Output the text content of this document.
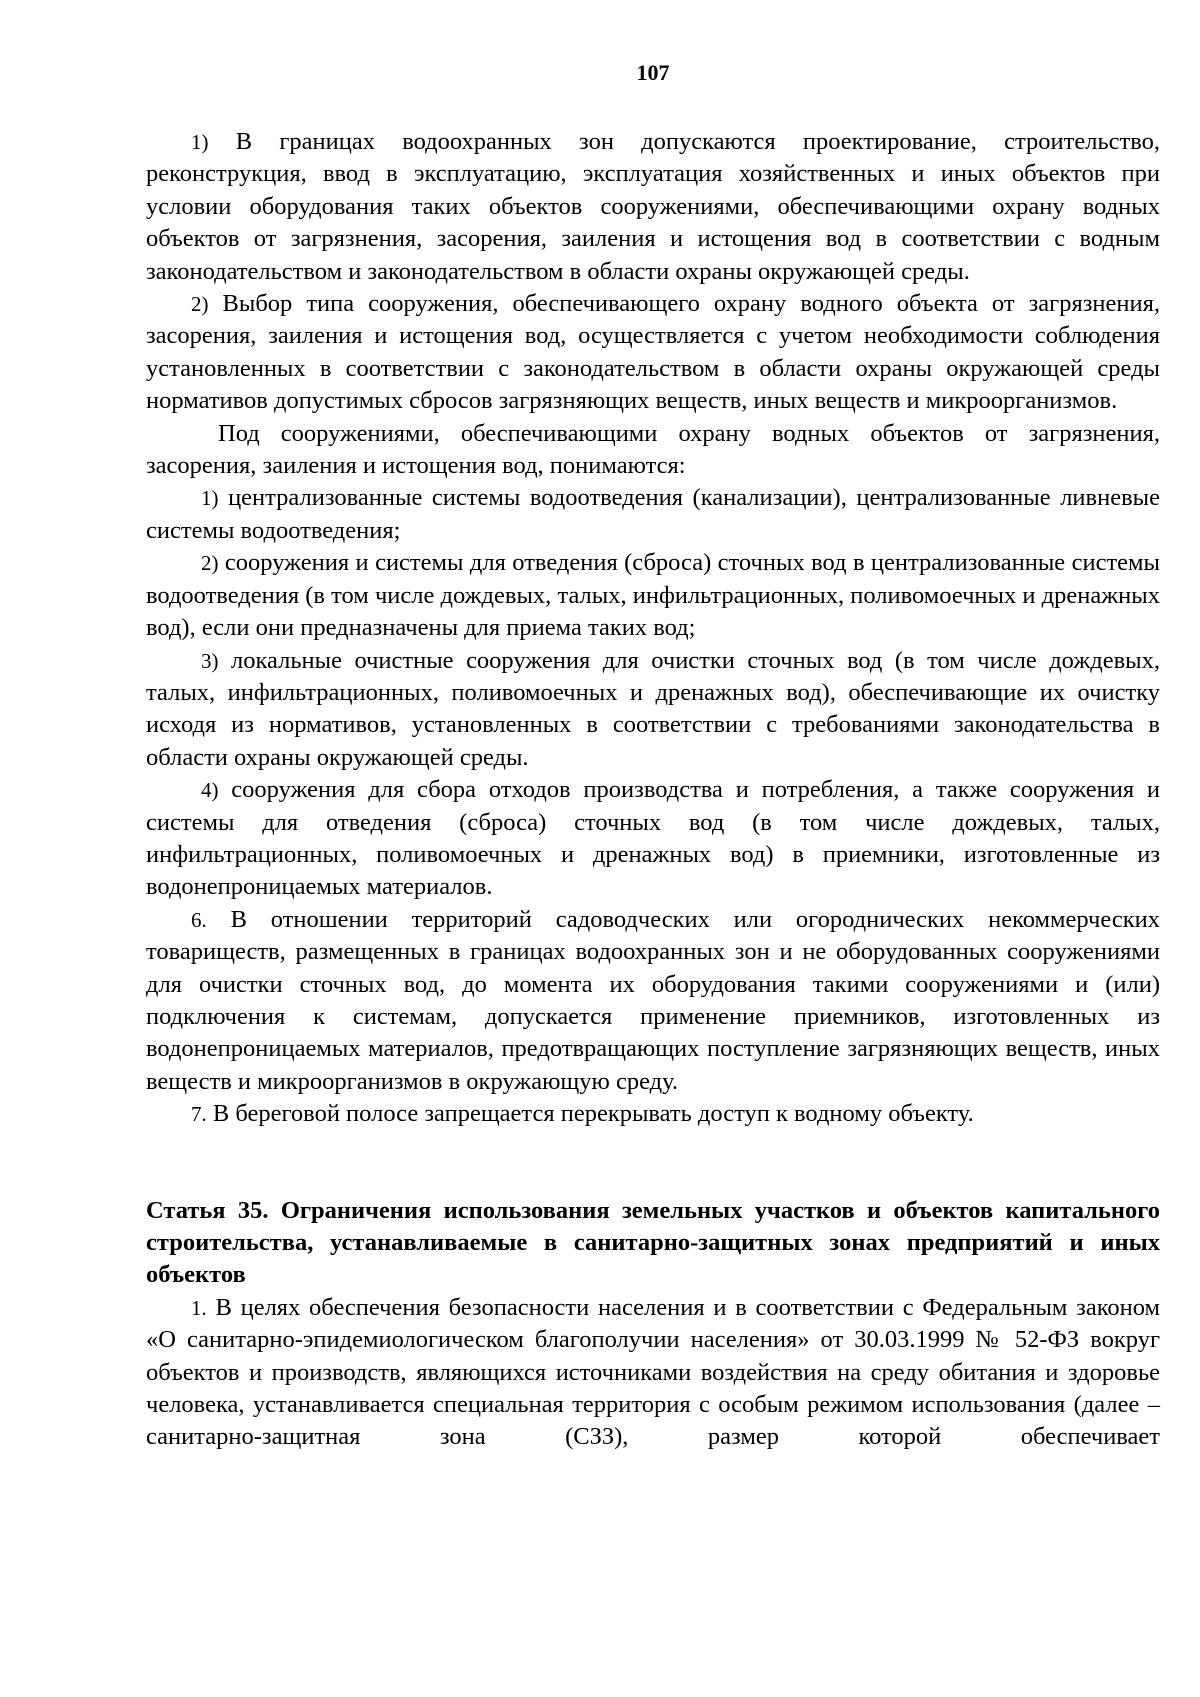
107

1) В границах водоохранных зон допускаются проектирование, строительство, реконструкция, ввод в эксплуатацию, эксплуатация хозяйственных и иных объектов при условии оборудования таких объектов сооружениями, обеспечивающими охрану водных объектов от загрязнения, засорения, заиления и истощения вод в соответствии с водным законодательством и законодательством в области охраны окружающей среды.

2) Выбор типа сооружения, обеспечивающего охрану водного объекта от загрязнения, засорения, заиления и истощения вод, осуществляется с учетом необходимости соблюдения установленных в соответствии с законодательством в области охраны окружающей среды нормативов допустимых сбросов загрязняющих веществ, иных веществ и микроорганизмов.

Под сооружениями, обеспечивающими охрану водных объектов от загрязнения, засорения, заиления и истощения вод, понимаются:

1) централизованные системы водоотведения (канализации), централизованные ливневые системы водоотведения;

2) сооружения и системы для отведения (сброса) сточных вод в централизованные системы водоотведения (в том числе дождевых, талых, инфильтрационных, поливомоечных и дренажных вод), если они предназначены для приема таких вод;

3) локальные очистные сооружения для очистки сточных вод (в том числе дождевых, талых, инфильтрационных, поливомоечных и дренажных вод), обеспечивающие их очистку исходя из нормативов, установленных в соответствии с требованиями законодательства в области охраны окружающей среды.

4) сооружения для сбора отходов производства и потребления, а также сооружения и системы для отведения (сброса) сточных вод (в том числе дождевых, талых, инфильтрационных, поливомоечных и дренажных вод) в приемники, изготовленные из водонепроницаемых материалов.

6. В отношении территорий садоводческих или огороднических некоммерческих товариществ, размещенных в границах водоохранных зон и не оборудованных сооружениями для очистки сточных вод, до момента их оборудования такими сооружениями и (или) подключения к системам, допускается применение приемников, изготовленных из водонепроницаемых материалов, предотвращающих поступление загрязняющих веществ, иных веществ и микроорганизмов в окружающую среду.

7. В береговой полосе запрещается перекрывать доступ к водному объекту.

Статья 35. Ограничения использования земельных участков и объектов капитального строительства, устанавливаемые в санитарно-защитных зонах предприятий и иных объектов

1. В целях обеспечения безопасности населения и в соответствии с Федеральным законом «О санитарно-эпидемиологическом благополучии населения» от 30.03.1999 № 52-ФЗ вокруг объектов и производств, являющихся источниками воздействия на среду обитания и здоровье человека, устанавливается специальная территория с особым режимом использования (далее – санитарно-защитная зона (СЗЗ), размер которой обеспечивает
